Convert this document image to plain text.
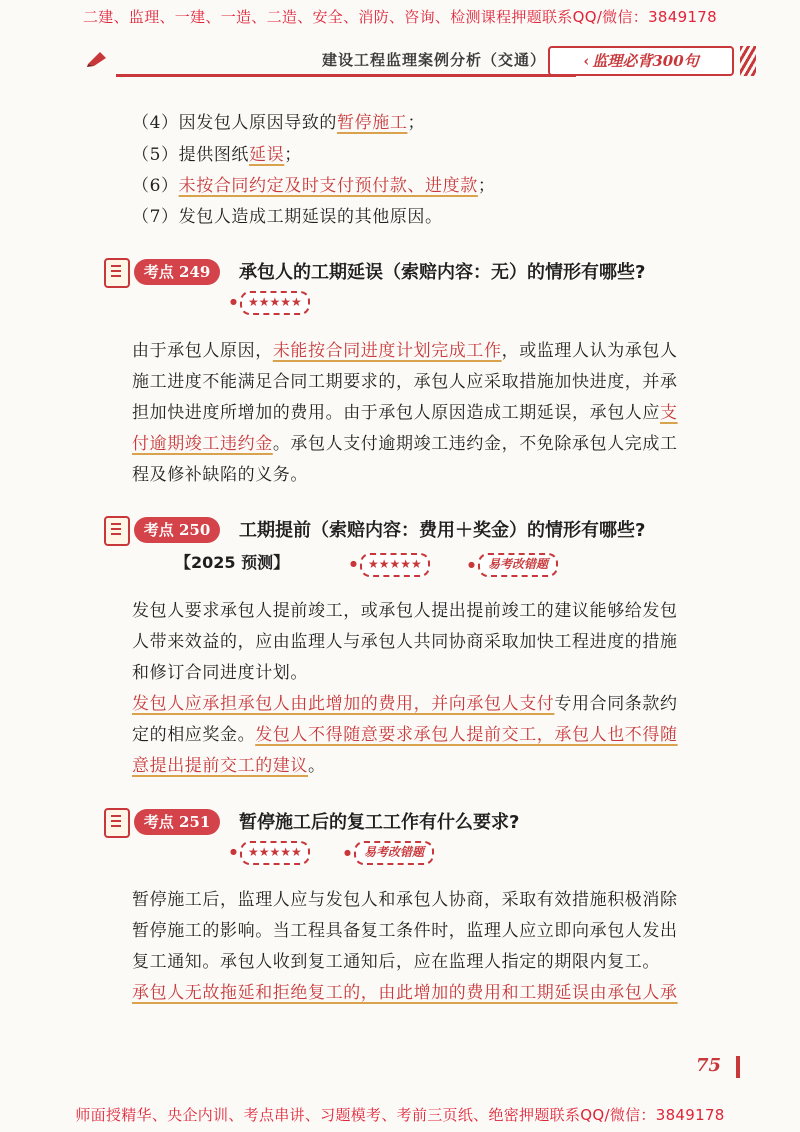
二建、监理、一建、一造、二造、安全、消防、咨询、检测课程押题联系QQ/微信：3849178
建设工程监理案例分析（交通）	‹ 监理必背300句
（4）因发包人原因导致的暂停施工；
（5）提供图纸延误；
（6）未按合同约定及时支付预付款、进度款；
（7）发包人造成工期延误的其他原因。
考点 249	承包人的工期延误（索赔内容：无）的情形有哪些?
● ★★★★★
由于承包人原因，未能按合同进度计划完成工作，或监理人认为承包人
施工进度不能满足合同工期要求的，承包人应采取措施加快进度，并承
担加快进度所增加的费用。由于承包人原因造成工期延误，承包人应支
付逾期竣工违约金。承包人支付逾期竣工违约金，不免除承包人完成工
程及修补缺陷的义务。
考点 250	工期提前（索赔内容：费用＋奖金）的情形有哪些?
【2025 预测】	● ★★★★★	● 易考改错题
发包人要求承包人提前竣工，或承包人提出提前竣工的建议能够给发包
人带来效益的，应由监理人与承包人共同协商采取加快工程进度的措施
和修订合同进度计划。
发包人应承担承包人由此增加的费用，并向承包人支付专用合同条款约
定的相应奖金。发包人不得随意要求承包人提前交工，承包人也不得随
意提出提前交工的建议。
考点 251	暂停施工后的复工工作有什么要求?
● ★★★★★	● 易考改错题
暂停施工后，监理人应与发包人和承包人协商，采取有效措施积极消除
暂停施工的影响。当工程具备复工条件时，监理人应立即向承包人发出
复工通知。承包人收到复工通知后，应在监理人指定的期限内复工。
承包人无故拖延和拒绝复工的，由此增加的费用和工期延误由承包人承
75
师面授精华、央企内训、考点串讲、习题模考、考前三页纸、绝密押题联系QQ/微信：3849178
